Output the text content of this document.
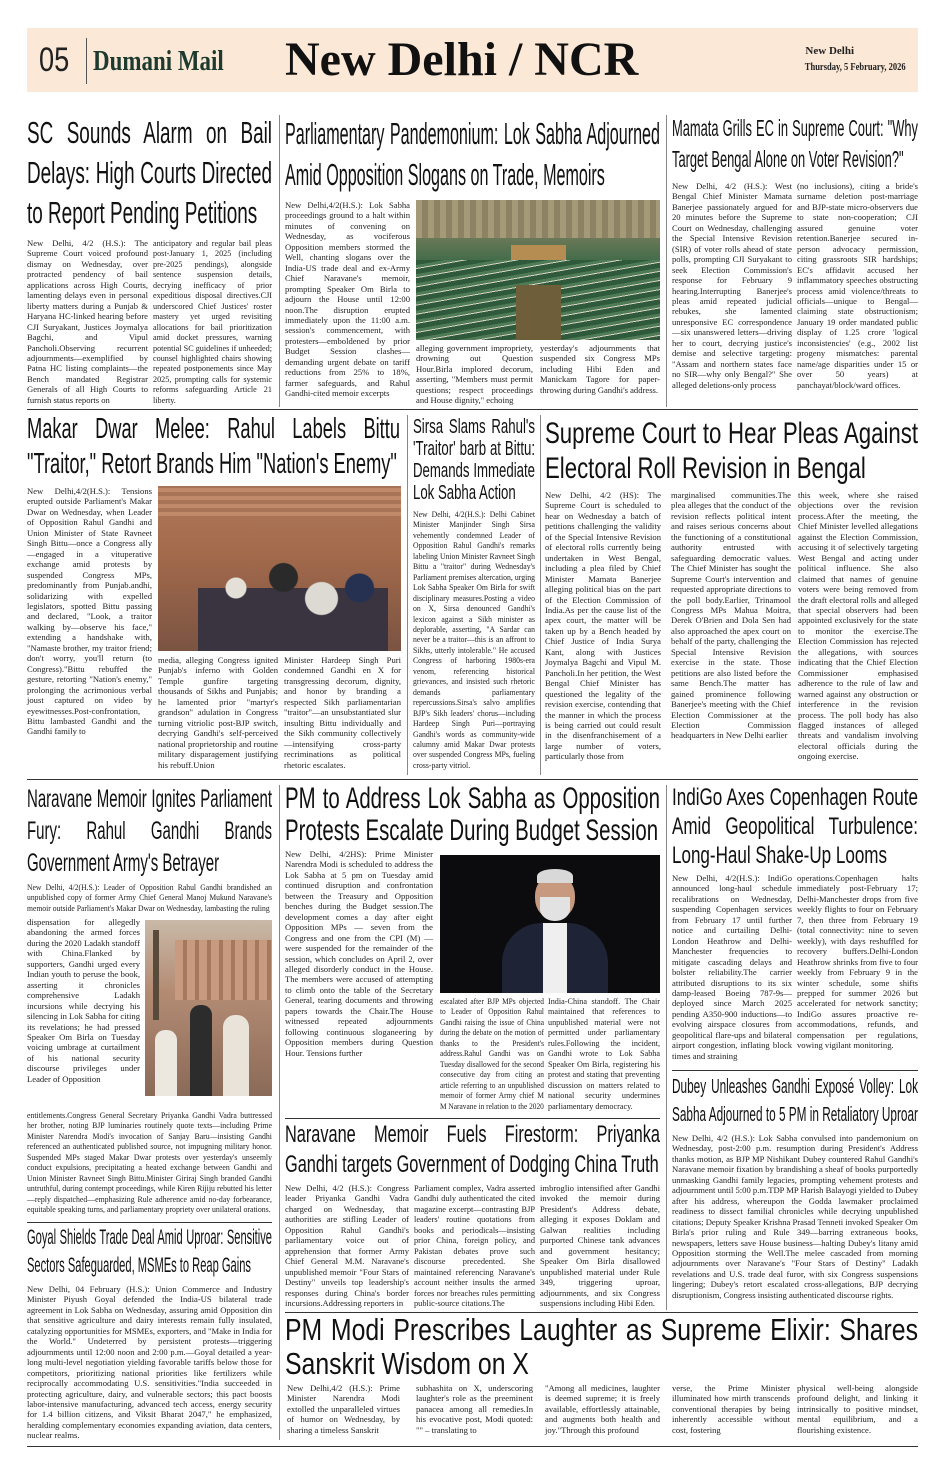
05 Dumani Mail New Delhi / NCR	New Delhi
Thursday, 5 February, 2026
SC Sounds Alarm on Bail Delays: High Courts Directed to Report Pending Petitions
New Delhi, 4/2 (H.S.): The Supreme Court voiced profound dismay on Wednesday, over protracted pendency of bail applications across High Courts, lamenting delays even in personal liberty matters during a Punjab & Haryana HC-linked hearing before CJI Suryakant, Justices Joymalya Bagchi, and Vipul Pancholi.Observing recurrent adjournments—exemplified by Patna HC listing complaints—the Bench mandated Registrar Generals of all High Courts to furnish status reports on
anticipatory and regular bail pleas post-January 1, 2025 (including pre-2025 pendings), alongside sentence suspension details, decrying inefficacy of prior expeditious disposal directives.CJI underscored Chief Justices' roster mastery yet urged revisiting allocations for bail prioritization amid docket pressures, warning potential SC guidelines if unheeded; counsel highlighted chairs showing repeated postponements since May 2025, prompting calls for systemic reforms safeguarding Article 21 liberty.
Parliamentary Pandemonium: Lok Sabha Adjourned Amid Opposition Slogans on Trade, Memoirs
New Delhi,4/2(H.S.): Lok Sabha proceedings ground to a halt within minutes of convening on Wednesday, as vociferous Opposition members stormed the Well, chanting slogans over the India-US trade deal and ex-Army Chief Naravane's memoir, prompting Speaker Om Birla to adjourn the House until 12:00 noon.The disruption erupted immediately upon the 11:00 a.m. session's commencement, with protesters—emboldened by prior Budget Session clashes—demanding urgent debate on tariff reductions from 25% to 18%, farmer safeguards, and Rahul Gandhi-cited memoir excerpts
alleging government impropriety, drowning out Question Hour.Birla implored decorum, asserting, "Members must permit questions; respect proceedings and House dignity," echoing
yesterday's adjournments that suspended six Congress MPs including Hibi Eden and Manickam Tagore for paper-throwing during Gandhi's address.
Mamata Grills EC in Supreme Court: "Why Target Bengal Alone on Voter Revision?"
New Delhi, 4/2 (H.S.): West Bengal Chief Minister Mamata Banerjee passionately argued for 20 minutes before the Supreme Court on Wednesday, challenging the Special Intensive Revision (SIR) of voter rolls ahead of state polls, prompting CJI Suryakant to seek Election Commission's response for February 9 hearing.Interrupting Banerjee's pleas amid repeated judicial rebukes, she lamented unresponsive EC correspondence—six unanswered letters—driving her to court, decrying justice's demise and selective targeting: "Assam and northern states face no SIR—why only Bengal?" She alleged deletions-only process
(no inclusions), citing a bride's surname deletion post-marriage and BJP-state micro-observers due to state non-cooperation; CJI assured genuine voter retention.Banerjee secured in-person advocacy permission, citing grassroots SIR hardships; EC's affidavit accused her inflammatory speeches obstructing process amid violence/threats to officials—unique to Bengal—claiming state obstructionism; January 19 order mandated public display of 1.25 crore 'logical inconsistencies' (e.g., 2002 list progeny mismatches: parental name/age disparities under 15 or over 50 years) at panchayat/block/ward offices.
Makar Dwar Melee: Rahul Labels Bittu "Traitor," Retort Brands Him "Nation's Enemy"
New Delhi,4/2(H.S.): Tensions erupted outside Parliament's Makar Dwar on Wednesday, when Leader of Opposition Rahul Gandhi and Union Minister of State Ravneet Singh Bittu—once a Congress ally—engaged in a vituperative exchange amid protests by suspended Congress MPs, predominantly from Punjab.andhi, solidarizing with expelled legislators, spotted Bittu passing and declared, "Look, a traitor walking by—observe his face," extending a handshake with, "Namaste brother, my traitor friend; don't worry, you'll return (to Congress)."Bittu rebuffed the gesture, retorting "Nation's enemy," prolonging the acrimonious verbal joust captured on video by eyewitnesses.Post-confrontation, Bittu lambasted Gandhi and the Gandhi family to
media, alleging Congress ignited Punjab's inferno with Golden Temple gunfire targeting thousands of Sikhs and Punjabis; he lamented prior "martyr's grandson" adulation in Congress turning vitriolic post-BJP switch, decrying Gandhi's self-perceived national proprietorship and routine military disparagement justifying his rebuff.Union
Minister Hardeep Singh Puri condemned Gandhi en X for transgressing decorum, dignity, and honor by branding a respected Sikh parliamentarian "traitor"—an unsubstantiated slur insulting Bittu individually and the Sikh community collectively—intensifying cross-party recriminations as political rhetoric escalates.
Sirsa Slams Rahul's 'Traitor' barb at Bittu: Demands Immediate Lok Sabha Action
New Delhi, 4/2(H.S.): Delhi Cabinet Minister Manjinder Singh Sirsa vehemently condemned Leader of Opposition Rahul Gandhi's remarks labeling Union Minister Ravneet Singh Bittu a "traitor" during Wednesday's Parliament premises altercation, urging Lok Sabha Speaker Om Birla for swift disciplinary measures.Posting a video on X, Sirsa denounced Gandhi's lexicon against a Sikh minister as deplorable, asserting, "A Sardar can never be a traitor—this is an affront to Sikhs, utterly intolerable." He accused Congress of harboring 1980s-era venom, referencing historical grievances, and insisted such rhetoric demands parliamentary repercussions.Sirsa's salvo amplifies BJP's Sikh leaders' chorus—including Hardeep Singh Puri—portraying Gandhi's words as community-wide calumny amid Makar Dwar protests over suspended Congress MPs, fueling cross-party vitriol.
Supreme Court to Hear Pleas Against Electoral Roll Revision in Bengal
New Delhi, 4/2 (HS): The Supreme Court is scheduled to hear on Wednesday a batch of petitions challenging the validity of the Special Intensive Revision of electoral rolls currently being undertaken in West Bengal, including a plea filed by Chief Minister Mamata Banerjee alleging political bias on the part of the Election Commission of India.As per the cause list of the apex court, the matter will be taken up by a Bench headed by Chief Justice of India Surya Kant, along with Justices Joymalya Bagchi and Vipul M. Pancholi.In her petition, the West Bengal Chief Minister has questioned the legality of the revision exercise, contending that the manner in which the process is being carried out could result in the disenfranchisement of a large number of voters, particularly those from
marginalised communities.The plea alleges that the conduct of the revision reflects political intent and raises serious concerns about the functioning of a constitutional authority entrusted with safeguarding democratic values. The Chief Minister has sought the Supreme Court's intervention and requested appropriate directions to the poll body.Earlier, Trinamool Congress MPs Mahua Moitra, Derek O'Brien and Dola Sen had also approached the apex court on behalf of the party, challenging the Special Intensive Revision exercise in the state. Those petitions are also listed before the same Bench.The matter has gained prominence following Banerjee's meeting with the Chief Election Commissioner at the Election Commission headquarters in New Delhi earlier
this week, where she raised objections over the revision process.After the meeting, the Chief Minister levelled allegations against the Election Commission, accusing it of selectively targeting West Bengal and acting under political influence. She also claimed that names of genuine voters were being removed from the draft electoral rolls and alleged that special observers had been appointed exclusively for the state to monitor the exercise.The Election Commission has rejected the allegations, with sources indicating that the Chief Election Commissioner emphasised adherence to the rule of law and warned against any obstruction or interference in the revision process. The poll body has also flagged instances of alleged threats and vandalism involving electoral officials during the ongoing exercise.
Naravane Memoir Ignites Parliament Fury: Rahul Gandhi Brands Government Army's Betrayer
New Delhi, 4/2(H.S.): Leader of Opposition Rahul Gandhi brandished an unpublished copy of former Army Chief General Manoj Mukund Naravane's memoir outside Parliament's Makar Dwar on Wednesday, lambasting the ruling
dispensation for allegedly abandoning the armed forces during the 2020 Ladakh standoff with China.Flanked by supporters, Gandhi urged every Indian youth to peruse the book, asserting it chronicles comprehensive Ladakh incursions while decrying his silencing in Lok Sabha for citing its revelations; he had pressed Speaker Om Birla on Tuesday voicing umbrage at curtailment of his national security discourse privileges under Leader of Opposition
entitlements.Congress General Secretary Priyanka Gandhi Vadra buttressed her brother, noting BJP luminaries routinely quote texts—including Prime Minister Narendra Modi's invocation of Sanjay Baru—insisting Gandhi referenced an authenticated published source, not impugning military honor. Suspended MPs staged Makar Dwar protests over yesterday's unseemly conduct expulsions, precipitating a heated exchange between Gandhi and Union Minister Ravneet Singh Bittu.Minister Giriraj Singh branded Gandhi untruthful, during contempt proceedings, while Kiren Rijiju rebutted his letter—reply dispatched—emphasizing Rule adherence amid no-day forbearance, equitable speaking turns, and parliamentary propriety over unilateral orations.
Goyal Shields Trade Deal Amid Uproar: Sensitive Sectors Safeguarded, MSMEs to Reap Gains
New Delhi, 04 February (H.S.): Union Commerce and Industry Minister Piyush Goyal defended the India-US bilateral trade agreement in Lok Sabha on Wednesday, assuring amid Opposition din that sensitive agriculture and dairy interests remain fully insulated, catalyzing opportunities for MSMEs, exporters, and "Make in India for the World." Undeterred by persistent protests—triggering adjournments until 12:00 noon and 2:00 p.m.—Goyal detailed a year-long multi-level negotiation yielding favorable tariffs below those for competitors, prioritizing national priorities like fertilizers while reciprocally accommodating U.S. sensitivities."India succeeded in protecting agriculture, dairy, and vulnerable sectors; this pact boosts labor-intensive manufacturing, advanced tech access, energy security for 1.4 billion citizens, and Viksit Bharat 2047," he emphasized, heralding complementary economies expanding aviation, data centers, nuclear realms.
PM to Address Lok Sabha as Opposition Protests Escalate During Budget Session
New Delhi, 4/2HS): Prime Minister Narendra Modi is scheduled to address the Lok Sabha at 5 pm on Tuesday amid continued disruption and confrontation between the Treasury and Opposition benches during the Budget session.The development comes a day after eight Opposition MPs — seven from the Congress and one from the CPI (M) — were suspended for the remainder of the session, which concludes on April 2, over alleged disorderly conduct in the House. The members were accused of attempting to climb onto the table of the Secretary General, tearing documents and throwing papers towards the Chair.The House witnessed repeated adjournments following continuous sloganeering by Opposition members during Question Hour. Tensions further
escalated after BJP MPs objected to Leader of Opposition Rahul Gandhi raising the issue of China during the debate on the motion of thanks to the President's address.Rahul Gandhi was on Tuesday disallowed for the second consecutive day from citing an article referring to an unpublished memoir of former Army chief M M Naravane in relation to the 2020
India-China standoff. The Chair maintained that references to unpublished material were not permitted under parliamentary rules.Following the incident, Gandhi wrote to Lok Sabha Speaker Om Birla, registering his protest and stating that preventing discussion on matters related to national security undermines parliamentary democracy.
Naravane Memoir Fuels Firestorm: Priyanka Gandhi targets Government of Dodging China Truth
New Delhi, 4/2 (H.S.): Congress leader Priyanka Gandhi Vadra charged on Wednesday, that authorities are stifling Leader of Opposition Rahul Gandhi's parliamentary voice out of apprehension that former Army Chief General M.M. Naravane's unpublished memoir "Four Stars of Destiny" unveils top leadership's responses during China's border incursions.Addressing reporters in
Parliament complex, Vadra asserted Gandhi duly authenticated the cited magazine excerpt—contrasting BJP leaders' routine quotations from books and periodicals—insisting prior China, foreign policy, and Pakistan debates prove such discourse precedented. She maintained referencing Naravane's account neither insults the armed forces nor breaches rules permitting public-source citations.The
imbroglio intensified after Gandhi invoked the memoir during President's Address debate, alleging it exposes Doklam and Galwan realities including purported Chinese tank advances and government hesitancy; Speaker Om Birla disallowed unpublished material under Rule 349, triggering uproar, adjournments, and six Congress suspensions including Hibi Eden.
IndiGo Axes Copenhagen Route Amid Geopolitical Turbulence: Long-Haul Shake-Up Looms
New Delhi, 4/2(H.S.): IndiGo announced long-haul schedule recalibrations on Wednesday, suspending Copenhagen services from February 17 until further notice and curtailing Delhi-London Heathrow and Delhi-Manchester frequencies to mitigate cascading delays and bolster reliability.The carrier attributed disruptions to its six damp-leased Boeing 787-9s—deployed since March 2025 pending A350-900 inductions—to evolving airspace closures from geopolitical flare-ups and bilateral airport congestion, inflating block times and straining
operations.Copenhagen halts immediately post-February 17; Delhi-Manchester drops from five weekly flights to four on February 7, then three from February 19 (total connectivity: nine to seven weekly), with days reshuffled for recovery buffers.Delhi-London Heathrow shrinks from five to four weekly from February 9 in the winter schedule, some shifts prepped for summer 2026 but accelerated for network sanctity; IndiGo assures proactive re-accommodations, refunds, and compensation per regulations, vowing vigilant monitoring.
Dubey Unleashes Gandhi Exposé Volley: Lok Sabha Adjourned to 5 PM in Retaliatory Uproar
New Delhi, 4/2 (H.S.): Lok Sabha convulsed into pandemonium on Wednesday, post-2:00 p.m. resumption during President's Address thanks motion, as BJP MP Nishikant Dubey countered Rahul Gandhi's Naravane memoir fixation by brandishing a sheaf of books purportedly unmasking Gandhi family legacies, prompting vehement protests and adjournment until 5:00 p.m.TDP MP Harish Balayogi yielded to Dubey after his address, whereupon the Godda lawmaker proclaimed readiness to dissect familial chronicles while decrying unpublished citations; Deputy Speaker Krishna Prasad Tenneti invoked Speaker Om Birla's prior ruling and Rule 349—barring extraneous books, newspapers, letters save House business—halting Dubey's litany amid Opposition storming the Well.The melee cascaded from morning adjournments over Naravane's "Four Stars of Destiny" Ladakh revelations and U.S. trade deal furor, with six Congress suspensions lingering; Dubey's retort escalated cross-allegations, BJP decrying disruptionism, Congress insisting authenticated discourse rights.
PM Modi Prescribes Laughter as Supreme Elixir: Shares Sanskrit Wisdom on X
New Delhi,4/2 (H.S.): Prime Minister Narendra Modi extolled the unparalleled virtues of humor on Wednesday, by sharing a timeless Sanskrit
subhashita on X, underscoring laughter's role as the preeminent panacea among all remedies.In his evocative post, Modi quoted: "" – translating to
"Among all medicines, laughter is deemed supreme; it is freely available, effortlessly attainable, and augments both health and joy."Through this profound
verse, the Prime Minister illuminated how mirth transcends conventional therapies by being inherently accessible without cost, fostering
physical well-being alongside profound delight, and linking it intrinsically to positive mindset, mental equilibrium, and a flourishing existence.
